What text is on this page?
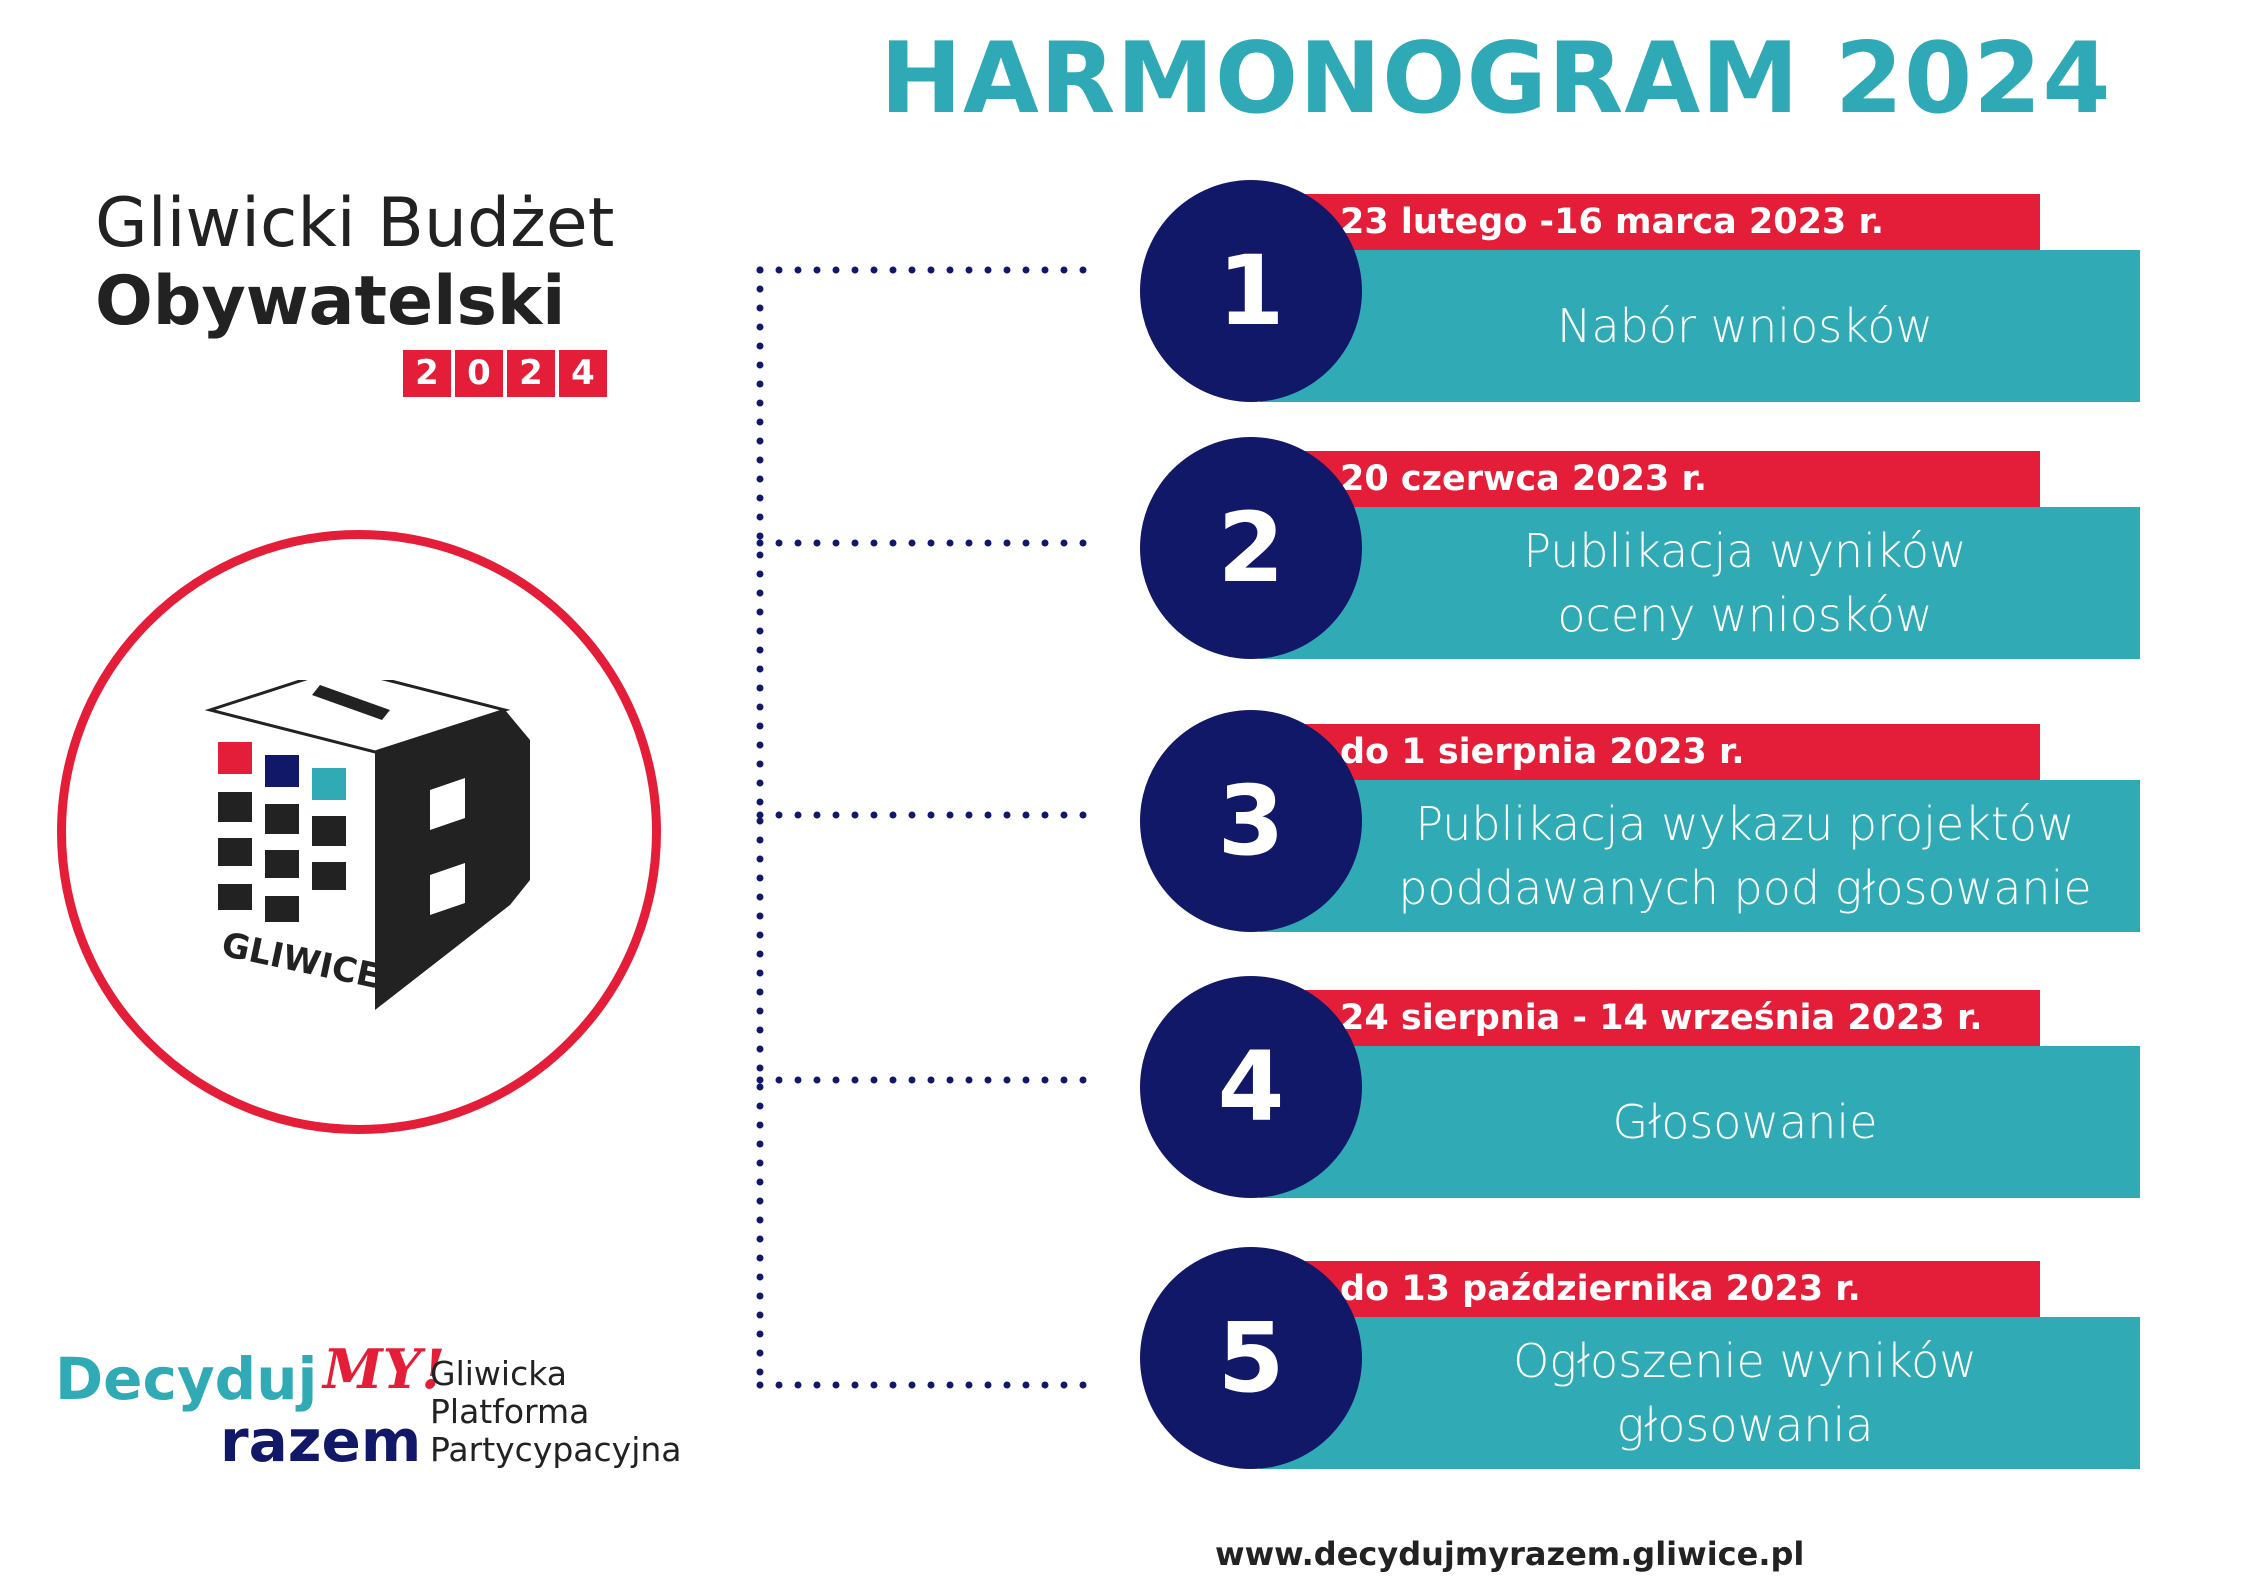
HARMONOGRAM 2024
Gliwicki Budżet
Obywatelski
2 0 2 4
GLIWICE
23 lutego -16 marca 2023 r.
Nabór wniosków
1
20 czerwca 2023 r.
Publikacja wyników
oceny wniosków
2
do 1 sierpnia 2023 r.
Publikacja wykazu projektów
poddawanych pod głosowanie
3
24 sierpnia - 14 września 2023 r.
Głosowanie
4
do 13 października 2023 r.
Ogłoszenie wyników
głosowania
5
Decyduj MY!
razem
Gliwicka
Platforma
Partycypacyjna
www.decydujmyrazem.gliwice.pl
